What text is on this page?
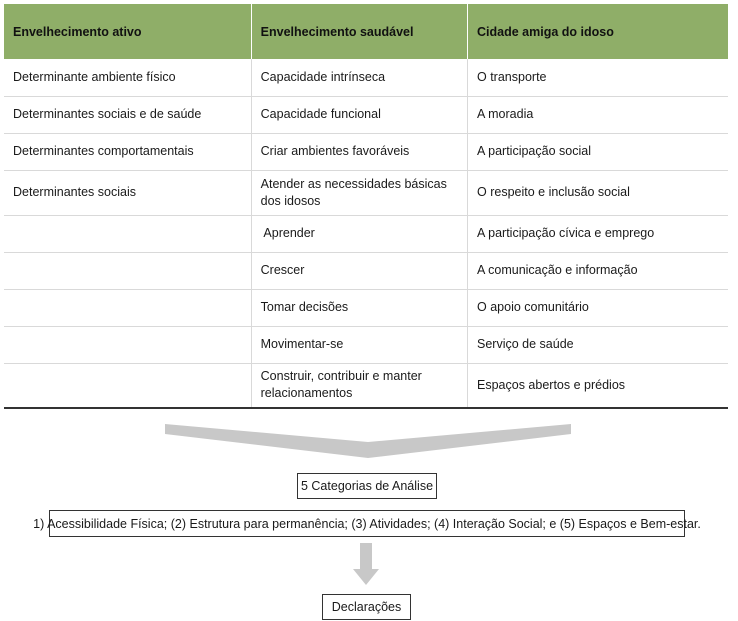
Envelhecimento ativo	Envelhecimento saudável	Cidade amiga do idoso
Determinante ambiente físico	Capacidade intrínseca	O transporte
Determinantes sociais e de saúde	Capacidade funcional	A moradia
Determinantes comportamentais	Criar ambientes favoráveis	A participação social
Determinantes sociais	Atender as necessidades básicas dos idosos	O respeito e inclusão social
	Aprender	A participação cívica e emprego
	Crescer	A comunicação e informação
	Tomar decisões	O apoio comunitário
	Movimentar-se	Serviço de saúde
	Construir, contribuir e manter relacionamentos	Espaços abertos e prédios
5 Categorias de Análise
1) Acessibilidade Física; (2) Estrutura para permanência; (3) Atividades; (4) Interação Social; e (5) Espaços e Bem-estar.
Declarações
